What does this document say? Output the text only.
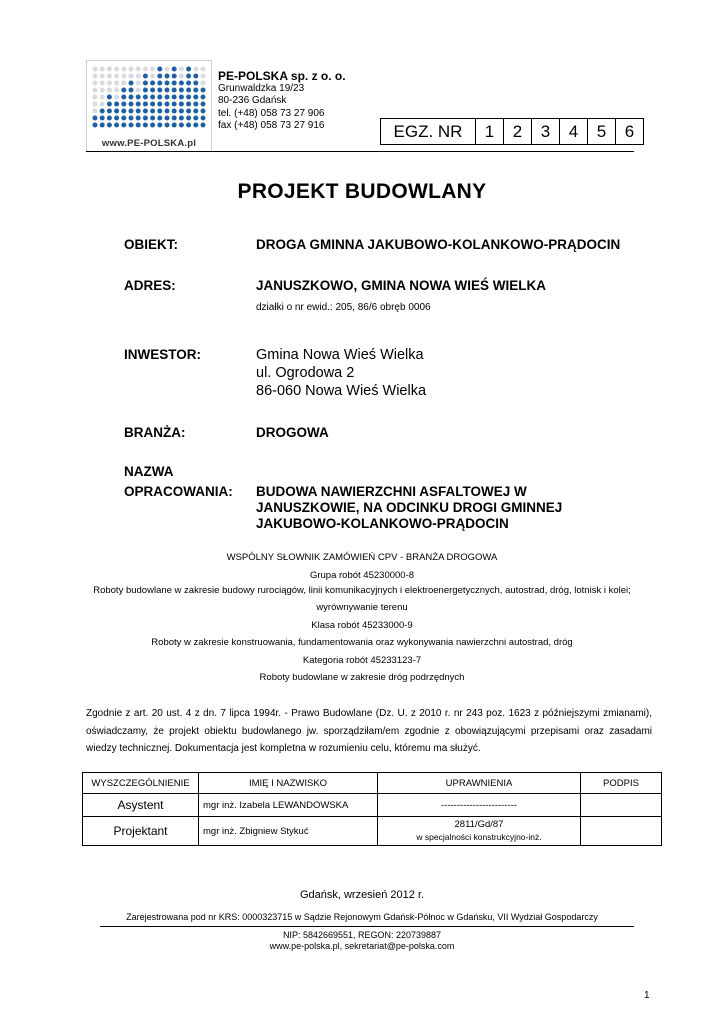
www.PE-POLSKA.pl
PE-POLSKA sp. z o. o.
Grunwaldzka 19/23
80-236 Gdańsk
tel. (+48) 058 73 27 906
fax (+48) 058 73 27 916	EGZ. NR	1	2	3	4	5	6
PROJEKT BUDOWLANY
OBIEKT:	DROGA GMINNA JAKUBOWO-KOLANKOWO-PRĄDOCIN
ADRES:	JANUSZKOWO, GMINA NOWA WIEŚ WIELKA
działki o nr ewid.: 205, 86/6 obręb 0006
INWESTOR:	Gmina Nowa Wieś Wielka
ul. Ogrodowa 2
86-060 Nowa Wieś Wielka
BRANŻA:	DROGOWA
NAZWA
OPRACOWANIA: BUDOWA NAWIERZCHNI ASFALTOWEJ W
JANUSZKOWIE, NA ODCINKU DROGI GMINNEJ
JAKUBOWO-KOLANKOWO-PRĄDOCIN
WSPÓLNY SŁOWNIK ZAMÓWIEŃ CPV - BRANŻA DROGOWA
Grupa robót 45230000-8
Roboty budowlane w zakresie budowy rurociągów, linii komunikacyjnych i elektroenergetycznych, autostrad, dróg, lotnisk i kolei;
wyrównywanie terenu
Klasa robót 45233000-9
Roboty w zakresie konstruowania, fundamentowania oraz wykonywania nawierzchni autostrad, dróg
Kategoria robót 45233123-7
Roboty budowlane w zakresie dróg podrzędnych
Zgodnie z art. 20 ust. 4 z dn. 7 lipca 1994r. - Prawo Budowlane (Dz. U. z 2010 r. nr 243 poz. 1623 z późniejszymi zmianami), oświadczamy, że projekt obiektu budowlanego jw. sporządziłam/em zgodnie z obowiązującymi przepisami oraz zasadami wiedzy technicznej. Dokumentacja jest kompletna w rozumieniu celu, któremu ma służyć.
WYSZCZEGÓLNIENIE	IMIĘ I NAZWISKO	UPRAWNIENIA	PODPIS
Asystent	mgr inż. Izabela LEWANDOWSKA	------------------------	
Projektant	mgr inż. Zbigniew Stykuć	2811/Gd/87
w specjalności konstrukcyjno-inż.	

Gdańsk, wrzesień 2012 r.
Zarejestrowana pod nr KRS: 0000323715 w Sądzie Rejonowym Gdańsk-Północ w Gdańsku, VII Wydział Gospodarczy
NIP: 5842669551, REGON: 220739887
www.pe-polska.pl, sekretariat@pe-polska.com
1
